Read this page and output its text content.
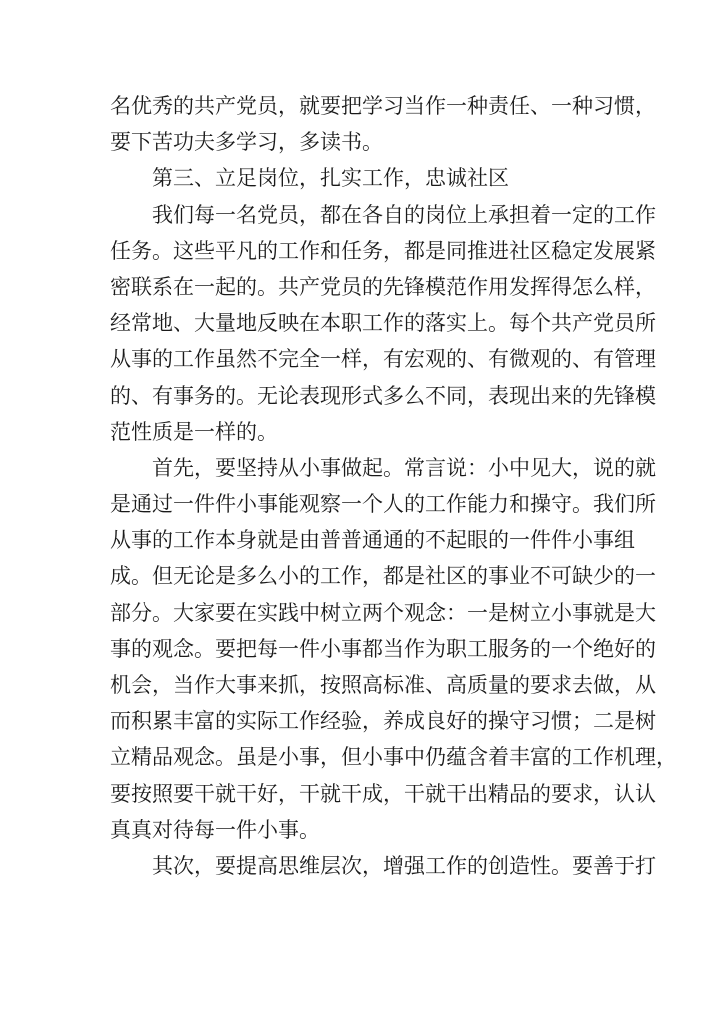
名优秀的共产党员，就要把学习当作一种责任、一种习惯，
要下苦功夫多学习，多读书。
第三、立足岗位，扎实工作，忠诚社区
我们每一名党员，都在各自的岗位上承担着一定的工作
任务。这些平凡的工作和任务，都是同推进社区稳定发展紧
密联系在一起的。共产党员的先锋模范作用发挥得怎么样，
经常地、大量地反映在本职工作的落实上。每个共产党员所
从事的工作虽然不完全一样，有宏观的、有微观的、有管理
的、有事务的。无论表现形式多么不同，表现出来的先锋模
范性质是一样的。
首先，要坚持从小事做起。常言说：小中见大，说的就
是通过一件件小事能观察一个人的工作能力和操守。我们所
从事的工作本身就是由普普通通的不起眼的一件件小事组
成。但无论是多么小的工作，都是社区的事业不可缺少的一
部分。大家要在实践中树立两个观念：一是树立小事就是大
事的观念。要把每一件小事都当作为职工服务的一个绝好的
机会，当作大事来抓，按照高标准、高质量的要求去做，从
而积累丰富的实际工作经验，养成良好的操守习惯；二是树
立精品观念。虽是小事，但小事中仍蕴含着丰富的工作机理，
要按照要干就干好，干就干成，干就干出精品的要求，认认
真真对待每一件小事。
其次，要提高思维层次，增强工作的创造性。要善于打
